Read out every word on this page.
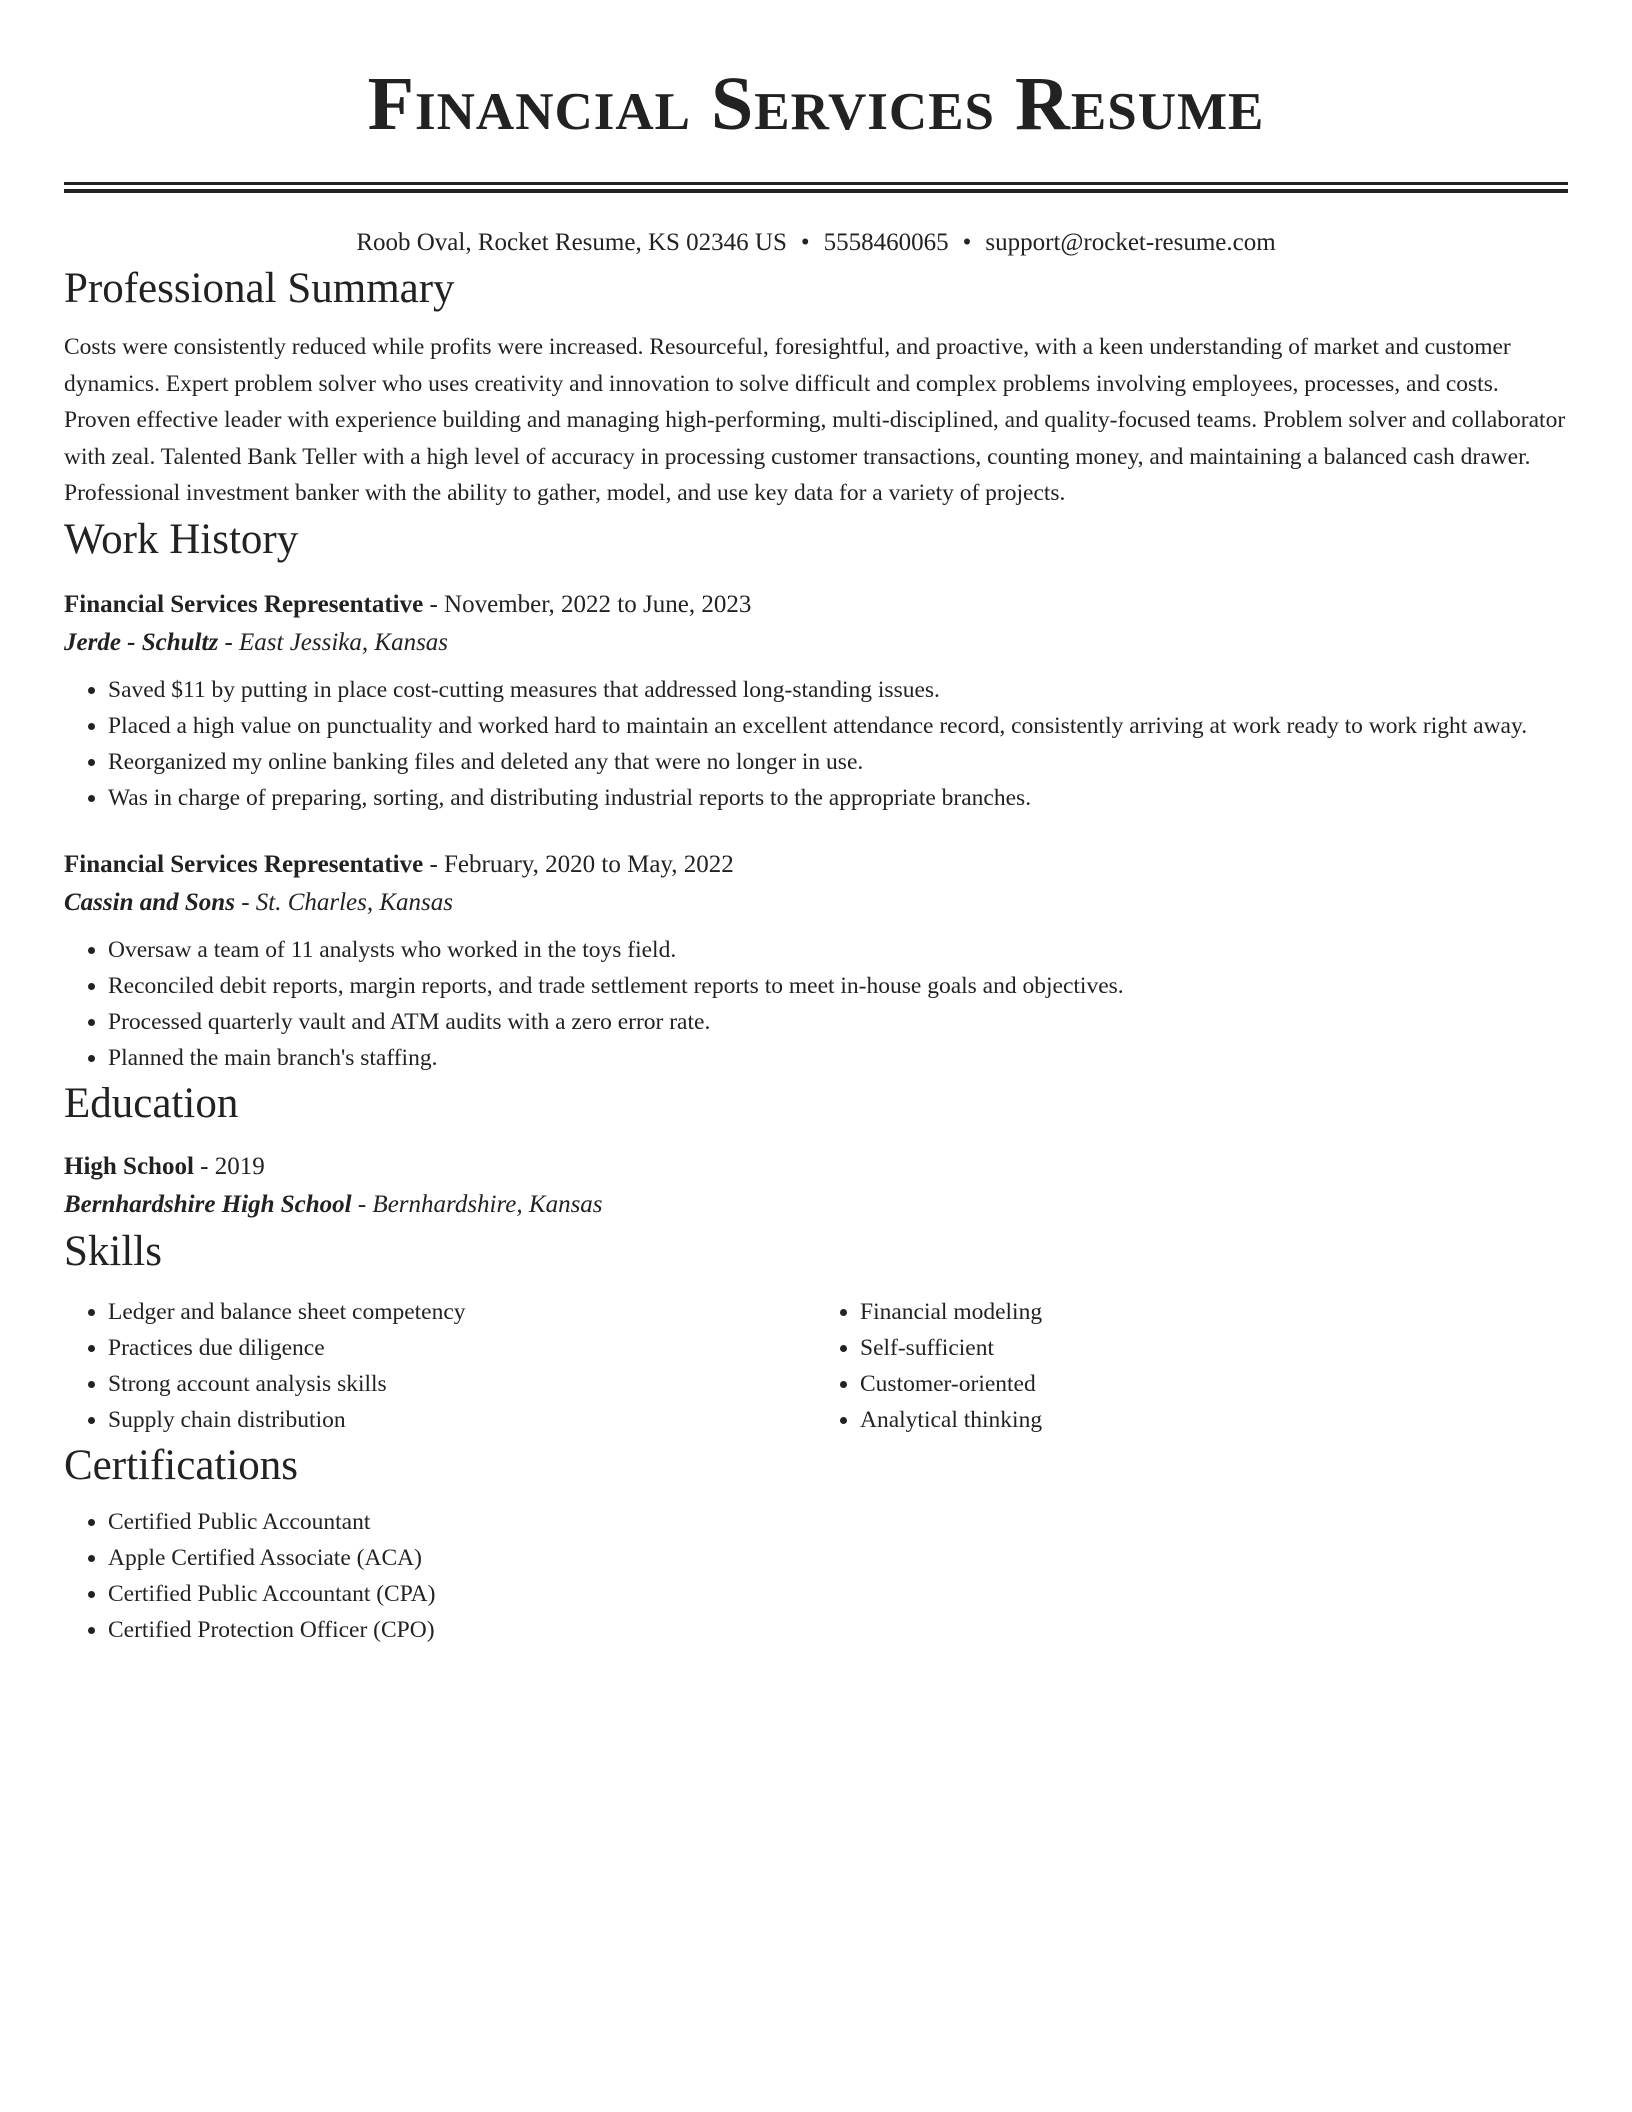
Financial Services Resume
Roob Oval, Rocket Resume, KS 02346 US • 5558460065 • support@rocket-resume.com
Professional Summary
Costs were consistently reduced while profits were increased. Resourceful, foresightful, and proactive, with a keen understanding of market and customer dynamics. Expert problem solver who uses creativity and innovation to solve difficult and complex problems involving employees, processes, and costs. Proven effective leader with experience building and managing high-performing, multi-disciplined, and quality-focused teams. Problem solver and collaborator with zeal. Talented Bank Teller with a high level of accuracy in processing customer transactions, counting money, and maintaining a balanced cash drawer. Professional investment banker with the ability to gather, model, and use key data for a variety of projects.
Work History
Financial Services Representative - November, 2022 to June, 2023
Jerde - Schultz - East Jessika, Kansas
• Saved $11 by putting in place cost-cutting measures that addressed long-standing issues.
• Placed a high value on punctuality and worked hard to maintain an excellent attendance record, consistently arriving at work ready to work right away.
• Reorganized my online banking files and deleted any that were no longer in use.
• Was in charge of preparing, sorting, and distributing industrial reports to the appropriate branches.
Financial Services Representative - February, 2020 to May, 2022
Cassin and Sons - St. Charles, Kansas
• Oversaw a team of 11 analysts who worked in the toys field.
• Reconciled debit reports, margin reports, and trade settlement reports to meet in-house goals and objectives.
• Processed quarterly vault and ATM audits with a zero error rate.
• Planned the main branch's staffing.
Education
High School - 2019
Bernhardshire High School - Bernhardshire, Kansas
Skills
• Ledger and balance sheet competency
• Practices due diligence
• Strong account analysis skills
• Supply chain distribution
• Financial modeling
• Self-sufficient
• Customer-oriented
• Analytical thinking
Certifications
• Certified Public Accountant
• Apple Certified Associate (ACA)
• Certified Public Accountant (CPA)
• Certified Protection Officer (CPO)
